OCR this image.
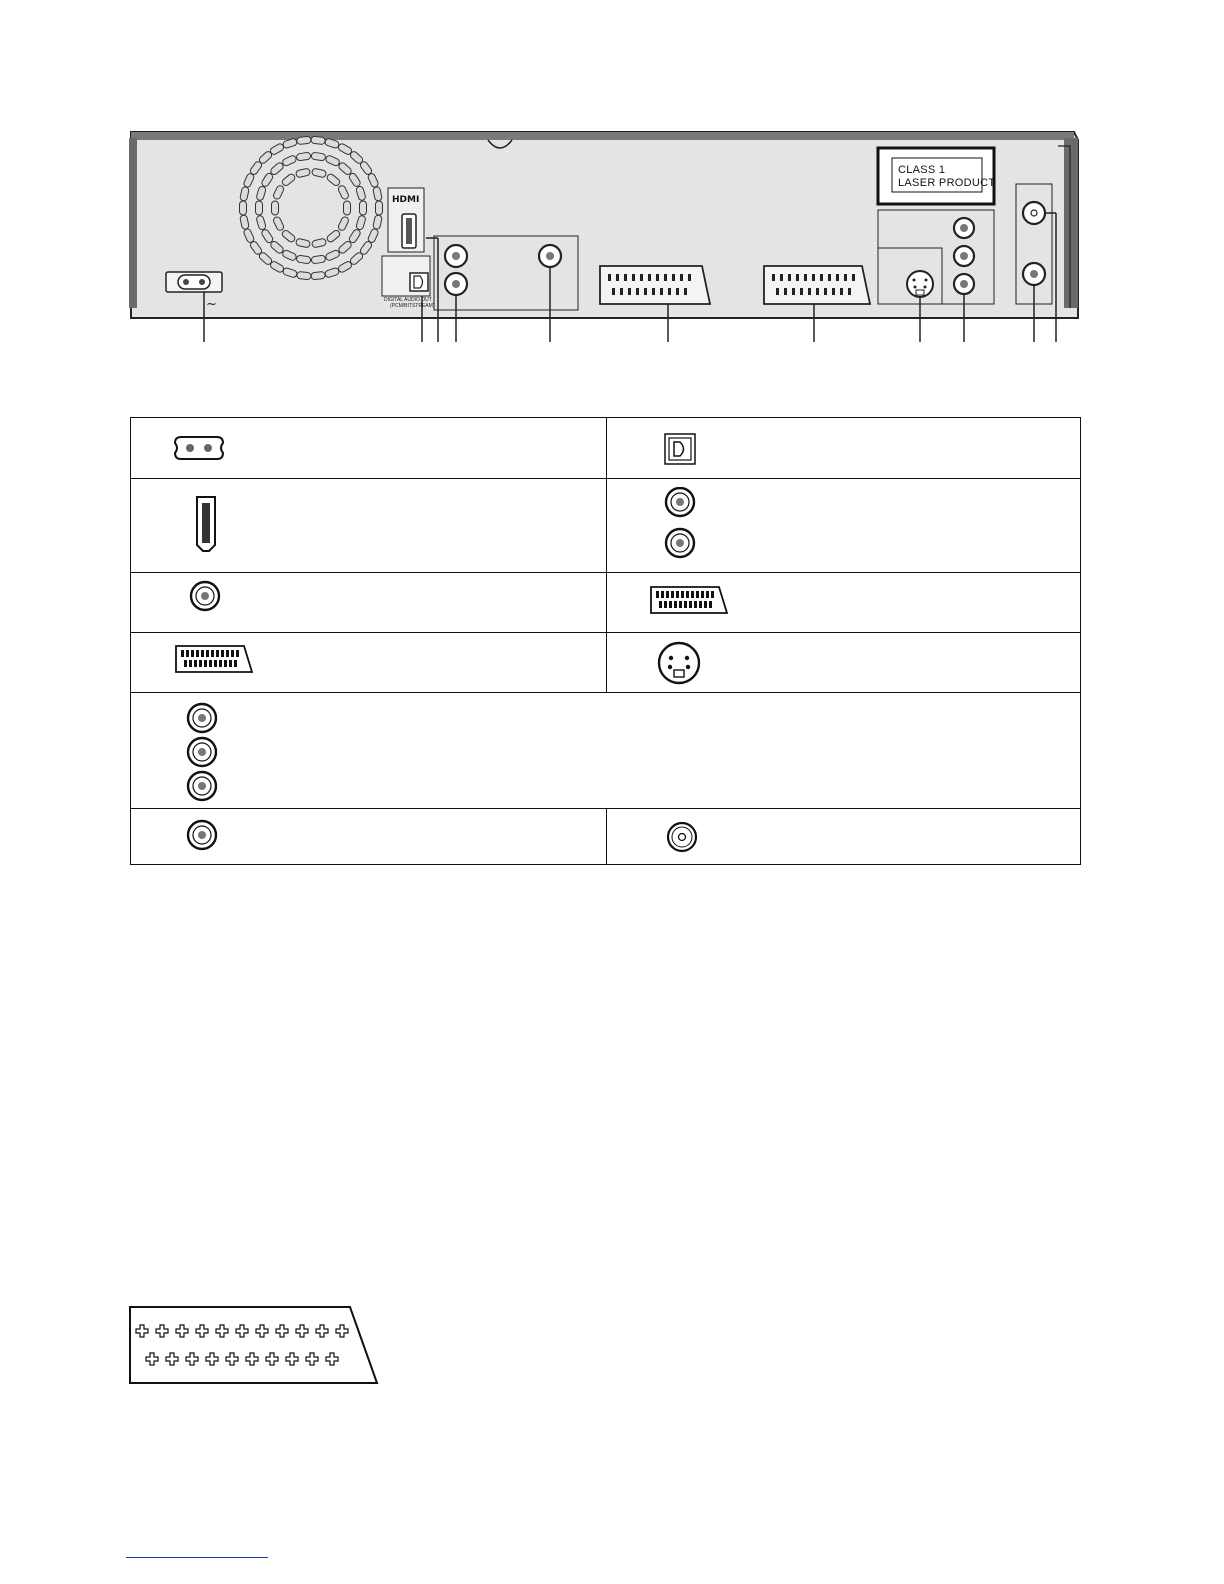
~
HDMI
DIGITAL AUDIO OUT
(PCM/BITSTREAM)
CLASS 1
LASER PRODUCT
